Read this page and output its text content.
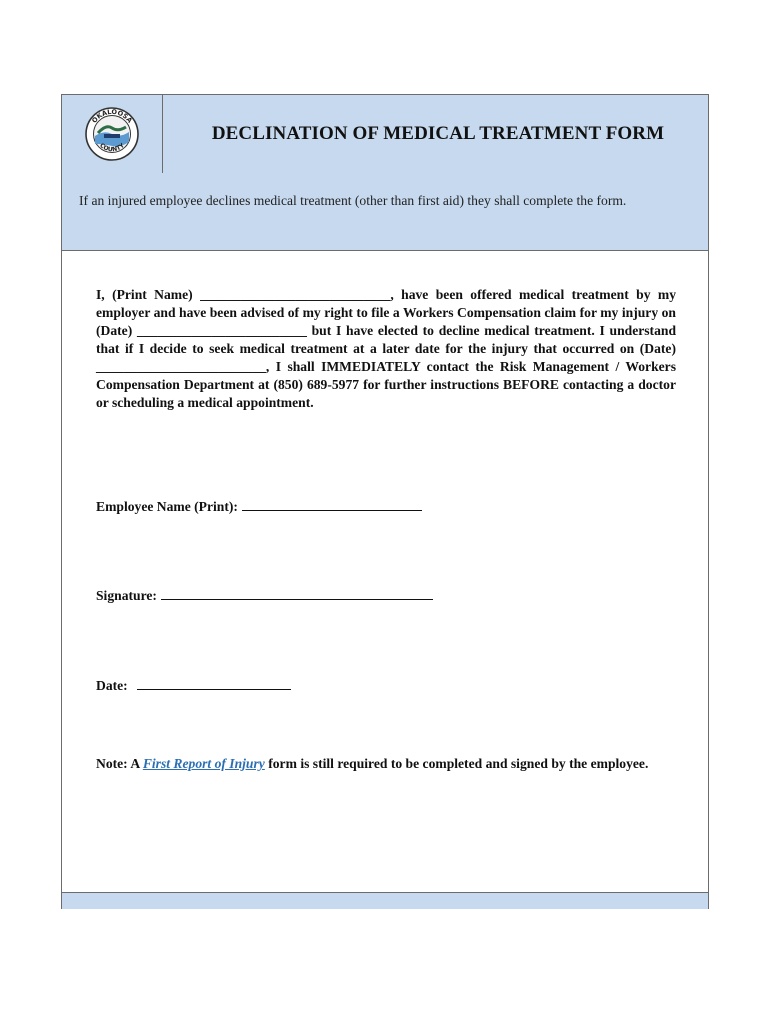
OKALOOSA
COUNTY
DECLINATION OF MEDICAL TREATMENT FORM
If an injured employee declines medical treatment (other than first aid) they shall complete the form.
I, (Print Name) ____________________________, have been offered medical treatment by my employer and have been advised of my right to file a Workers Compensation claim for my injury on (Date) _________________________ but I have elected to decline medical treatment. I understand that if I decide to seek medical treatment at a later date for the injury that occurred on (Date) _________________________, I shall IMMEDIATELY contact the Risk Management / Workers Compensation Department at (850) 689-5977 for further instructions BEFORE contacting a doctor or scheduling a medical appointment.
Employee Name (Print):
Signature:
Date:
Note: A First Report of Injury form is still required to be completed and signed by the employee.
